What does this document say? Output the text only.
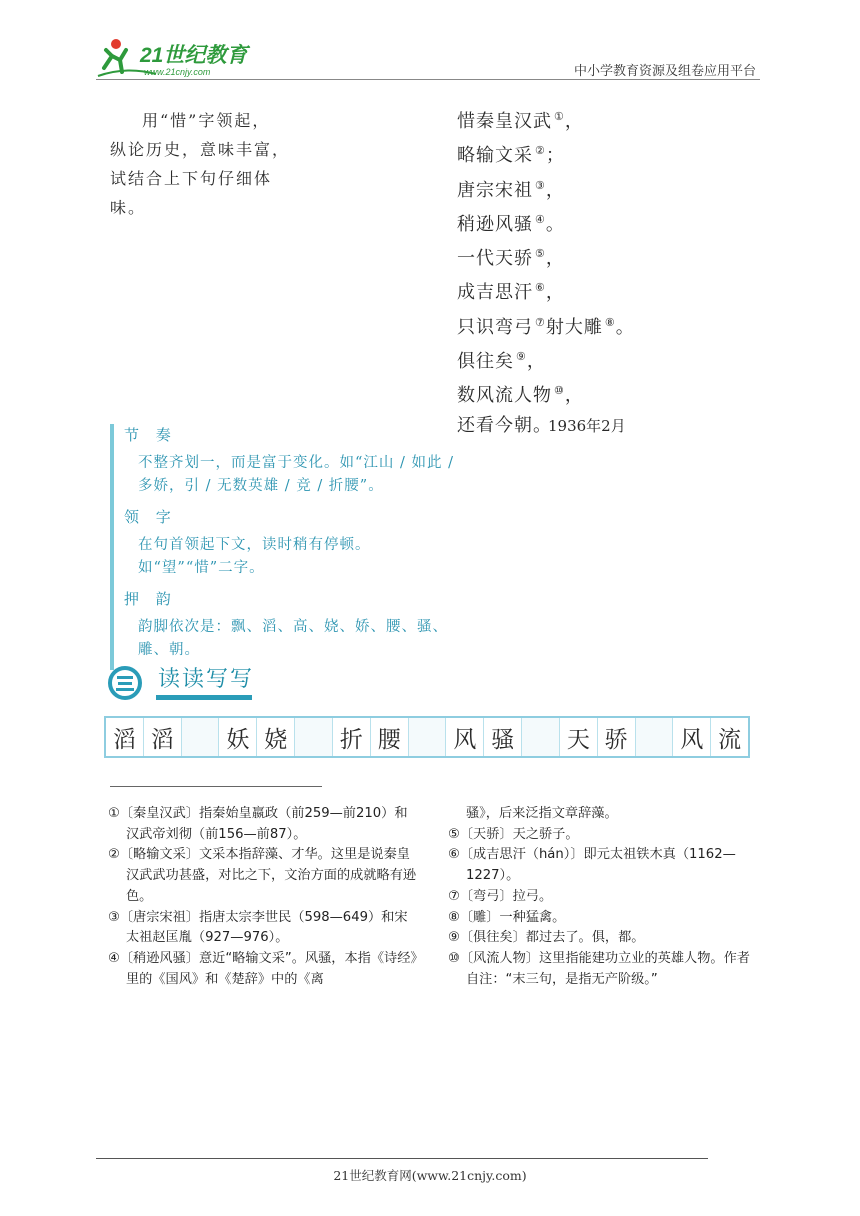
21世纪教育
www.21cnjy.com	中小学教育资源及组卷应用平台
用“惜”字领起，
纵论历史，意味丰富，
试结合上下句仔细体
味。
惜秦皇汉武 ①，
略输文采 ②；
唐宗宋祖 ③，
稍逊风骚 ④。
一代天骄 ⑤，
成吉思汗 ⑥，
只识弯弓 ⑦射大雕 ⑧。
俱往矣 ⑨，
数风流人物 ⑩，
还看今朝。
1936年2月
节 奏
不整齐划一，而是富于变化。如“江山 / 如此 / 多娇，引 / 无数英雄 / 竞 / 折腰”。
领 字
在句首领起下文，读时稍有停顿。如“望”“惜”二字。
押 韵
韵脚依次是：飘、滔、高、娆、娇、腰、骚、雕、朝。
读读写写
滔 滔	妖 娆	折 腰	风 骚	天 骄	风 流
①〔秦皇汉武〕指秦始皇嬴政（前259—前210）和汉武帝刘彻（前156—前87）。
②〔略输文采〕文采本指辞藻、才华。这里是说秦皇汉武武功甚盛，对比之下，文治方面的成就略有逊色。
③〔唐宗宋祖〕指唐太宗李世民（598—649）和宋太祖赵匡胤（927—976）。
④〔稍逊风骚〕意近“略输文采”。风骚，本指《诗经》里的《国风》和《楚辞》中的《离
骚》，后来泛指文章辞藻。
⑤〔天骄〕天之骄子。
⑥〔成吉思汗（hán）〕即元太祖铁木真（1162—1227）。
⑦〔弯弓〕拉弓。
⑧〔雕〕一种猛禽。
⑨〔俱往矣〕都过去了。俱，都。
⑩〔风流人物〕这里指能建功立业的英雄人物。作者自注：“末三句，是指无产阶级。”
21世纪教育网(www.21cnjy.com)
